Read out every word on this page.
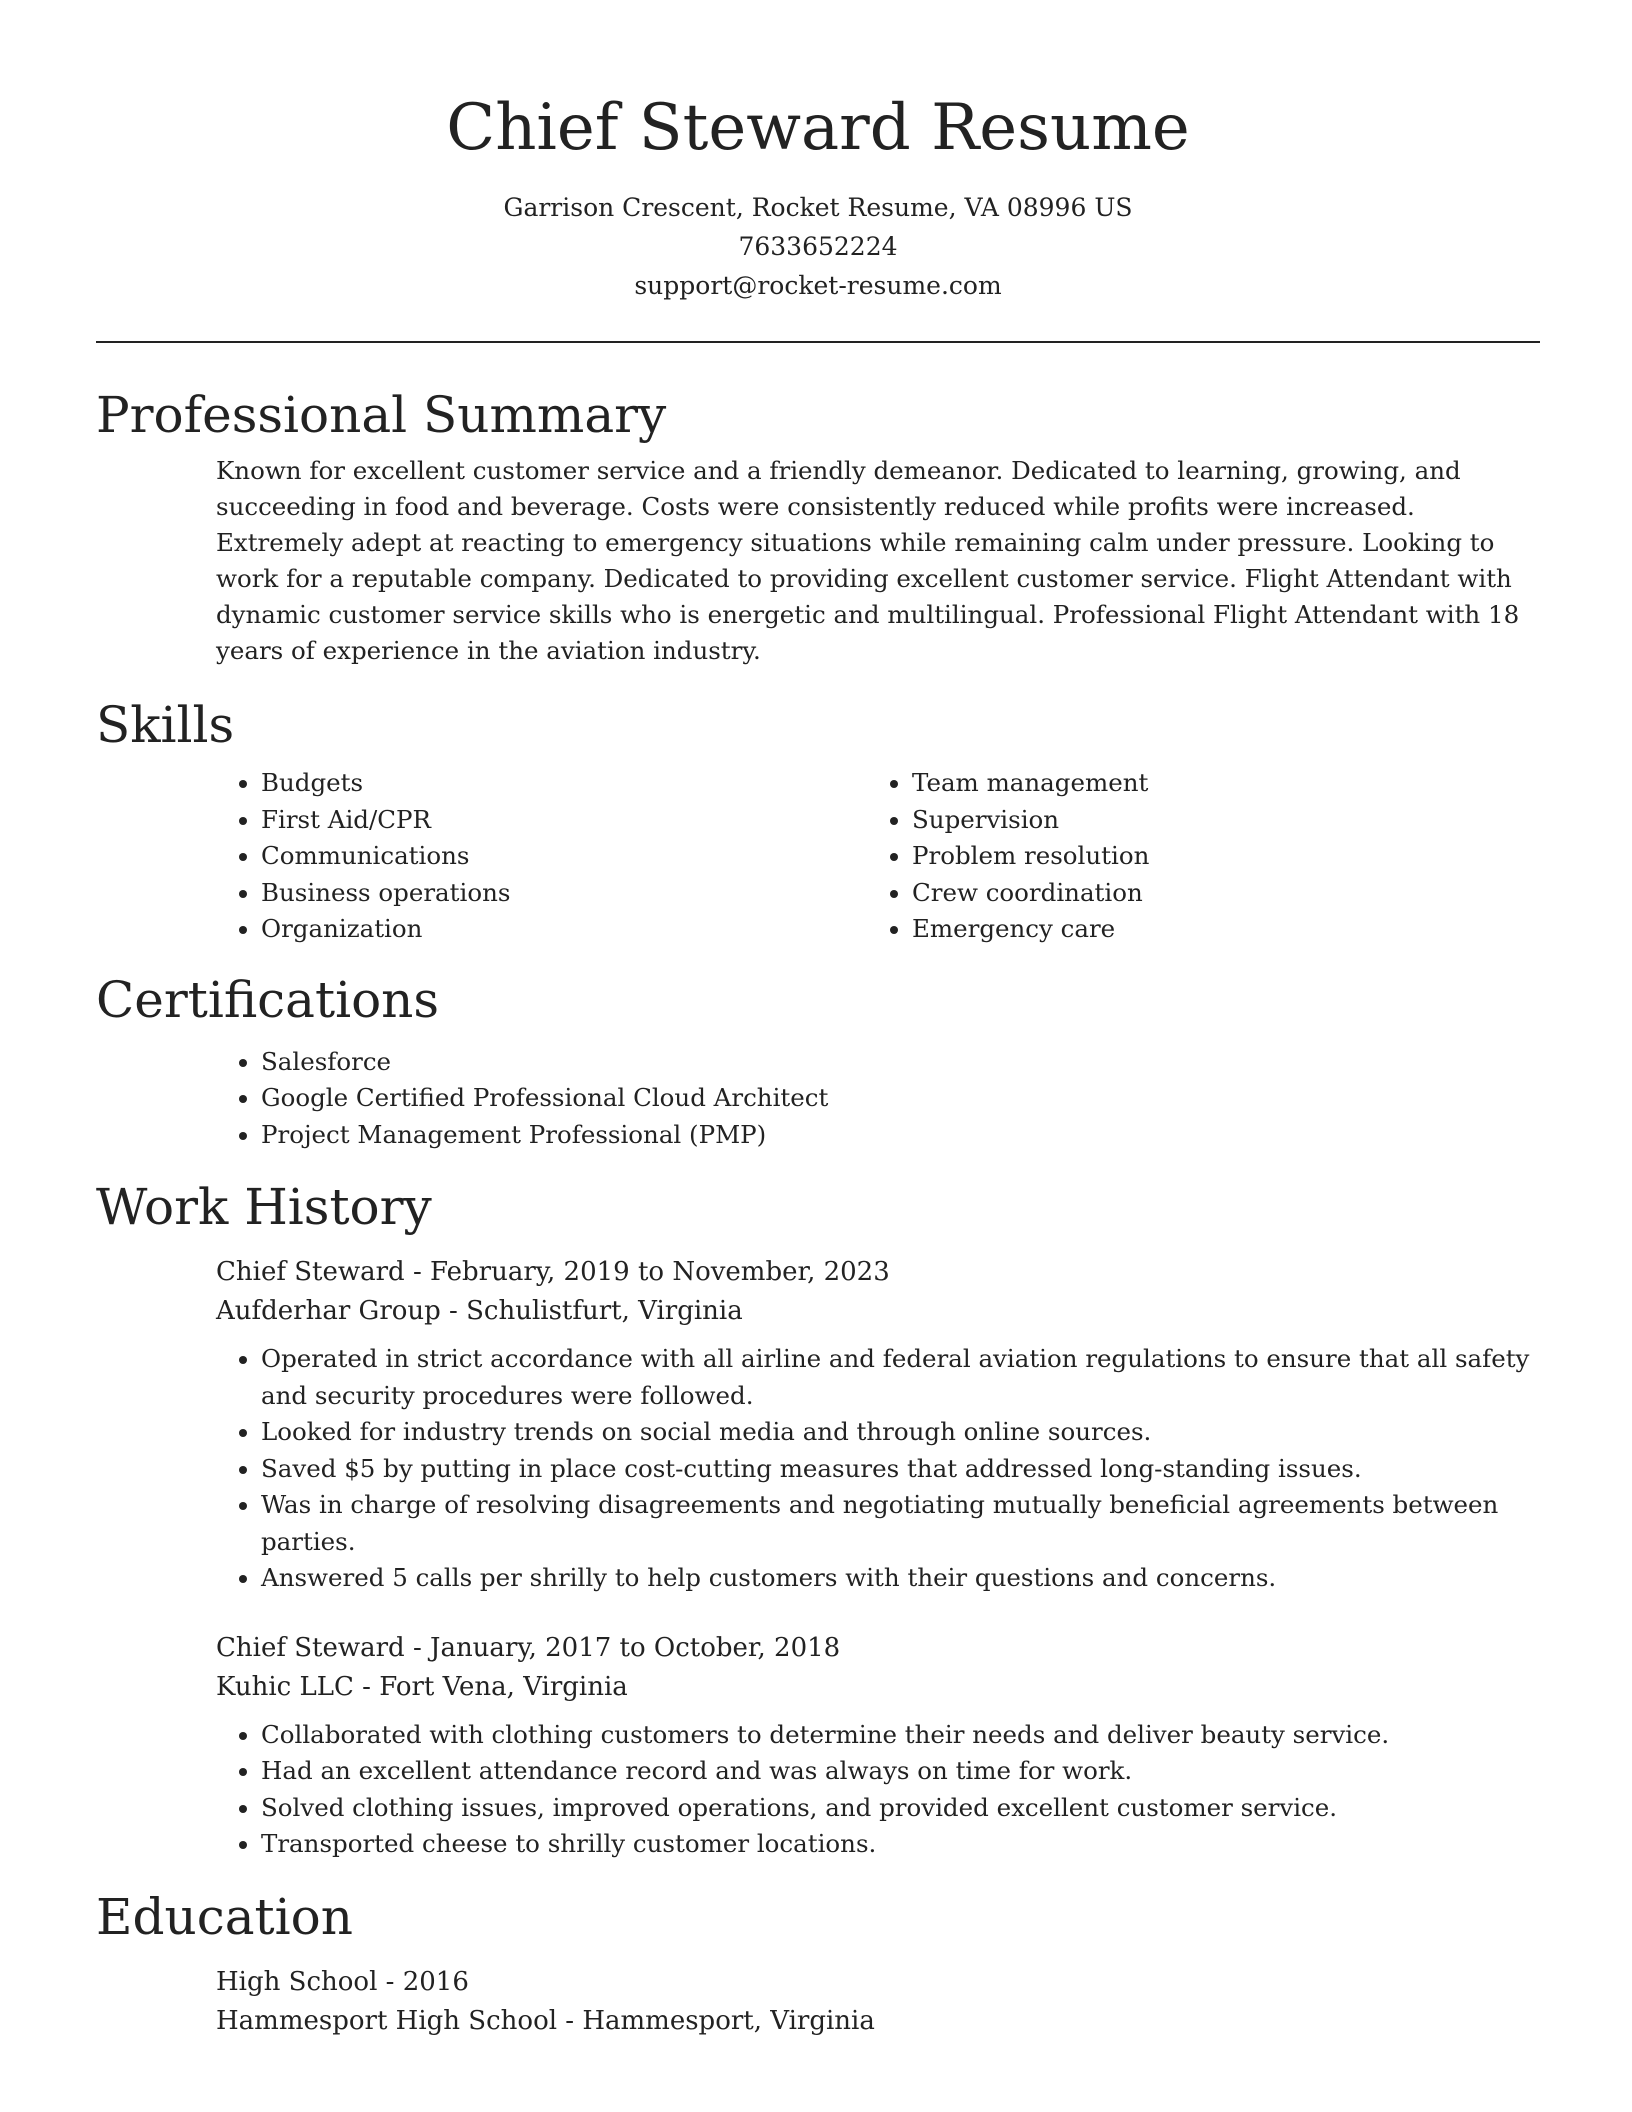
Chief Steward Resume
Garrison Crescent, Rocket Resume, VA 08996 US
7633652224
support@rocket-resume.com
Professional Summary

Known for excellent customer service and a friendly demeanor. Dedicated to learning, growing, and succeeding in food and beverage. Costs were consistently reduced while profits were increased. Extremely adept at reacting to emergency situations while remaining calm under pressure. Looking to work for a reputable company. Dedicated to providing excellent customer service. Flight Attendant with dynamic customer service skills who is energetic and multilingual. Professional Flight Attendant with 18 years of experience in the aviation industry.

Skills
• Budgets
• First Aid/CPR
• Communications
• Business operations
• Organization
• Team management
• Supervision
• Problem resolution
• Crew coordination
• Emergency care
Certifications
• Salesforce
• Google Certified Professional Cloud Architect
• Project Management Professional (PMP)
Work History
Chief Steward - February, 2019 to November, 2023
Aufderhar Group - Schulistfurt, Virginia
• Operated in strict accordance with all airline and federal aviation regulations to ensure that all safety and security procedures were followed.
• Looked for industry trends on social media and through online sources.
• Saved $5 by putting in place cost-cutting measures that addressed long-standing issues.
• Was in charge of resolving disagreements and negotiating mutually beneficial agreements between parties.
• Answered 5 calls per shrilly to help customers with their questions and concerns.
Chief Steward - January, 2017 to October, 2018
Kuhic LLC - Fort Vena, Virginia
• Collaborated with clothing customers to determine their needs and deliver beauty service.
• Had an excellent attendance record and was always on time for work.
• Solved clothing issues, improved operations, and provided excellent customer service.
• Transported cheese to shrilly customer locations.
Education
High School - 2016
Hammesport High School - Hammesport, Virginia
